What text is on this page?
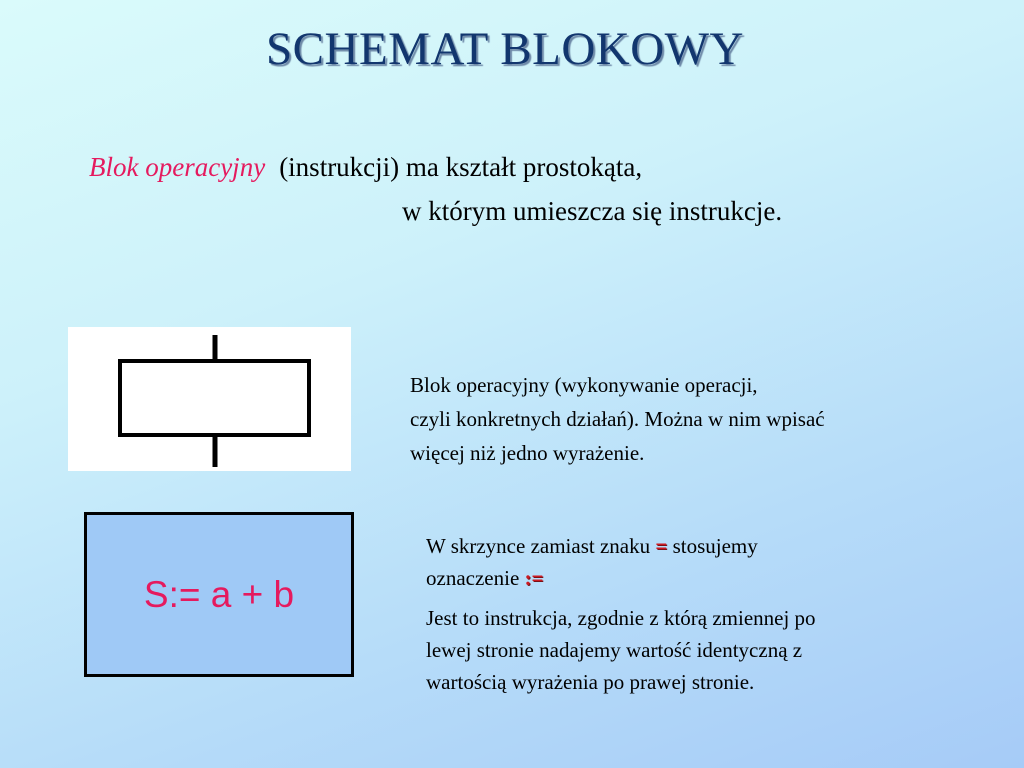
SCHEMAT BLOKOWY
Blok operacyjny (instrukcji) ma kształt prostokąta,
w którym umieszcza się instrukcje.
Blok operacyjny (wykonywanie operacji,
czyli konkretnych działań). Można w nim wpisać
więcej niż jedno wyrażenie.
S:= a + b
W skrzynce zamiast znaku = stosujemy
oznaczenie :=
Jest to instrukcja, zgodnie z którą zmiennej po
lewej stronie nadajemy wartość identyczną z
wartością wyrażenia po prawej stronie.
